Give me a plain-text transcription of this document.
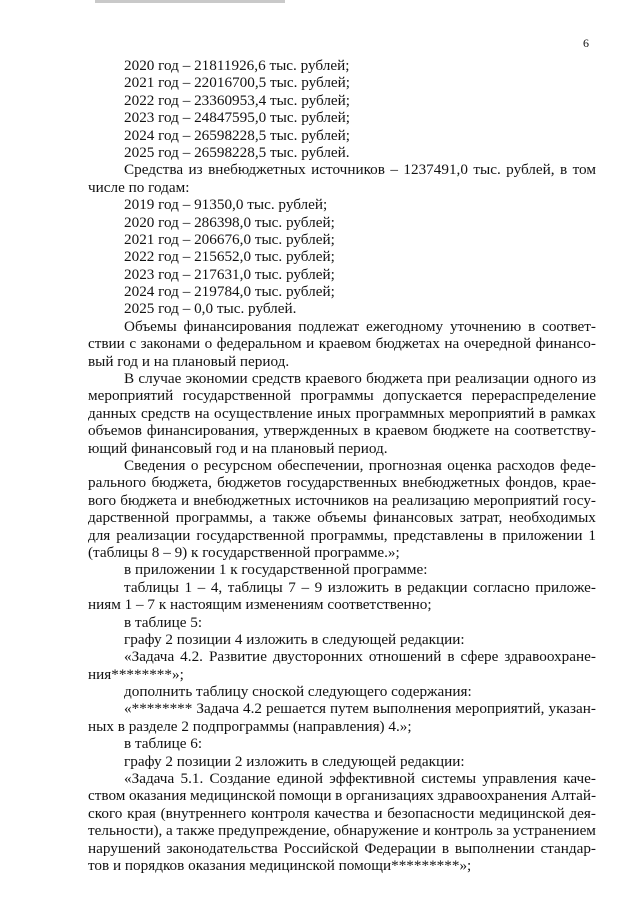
6
2020 год – 21811926,6 тыс. рублей;
2021 год – 22016700,5 тыс. рублей;
2022 год – 23360953,4 тыс. рублей;
2023 год – 24847595,0 тыс. рублей;
2024 год – 26598228,5 тыс. рублей;
2025 год – 26598228,5 тыс. рублей.
Средства из внебюджетных источников – 1237491,0 тыс. рублей, в том
числе по годам:
2019 год – 91350,0 тыс. рублей;
2020 год – 286398,0 тыс. рублей;
2021 год – 206676,0 тыс. рублей;
2022 год – 215652,0 тыс. рублей;
2023 год – 217631,0 тыс. рублей;
2024 год – 219784,0 тыс. рублей;
2025 год – 0,0 тыс. рублей.
Объемы финансирования подлежат ежегодному уточнению в соответ-
ствии с законами о федеральном и краевом бюджетах на очередной финансо-
вый год и на плановый период.
В случае экономии средств краевого бюджета при реализации одного из
мероприятий государственной программы допускается перераспределение
данных средств на осуществление иных программных мероприятий в рамках
объемов финансирования, утвержденных в краевом бюджете на соответству-
ющий финансовый год и на плановый период.
Сведения о ресурсном обеспечении, прогнозная оценка расходов феде-
рального бюджета, бюджетов государственных внебюджетных фондов, крае-
вого бюджета и внебюджетных источников на реализацию мероприятий госу-
дарственной программы, а также объемы финансовых затрат, необходимых
для реализации государственной программы, представлены в приложении 1
(таблицы 8 – 9) к государственной программе.»;
в приложении 1 к государственной программе:
таблицы 1 – 4, таблицы 7 – 9 изложить в редакции согласно приложе-
ниям 1 – 7 к настоящим изменениям соответственно;
в таблице 5:
графу 2 позиции 4 изложить в следующей редакции:
«Задача 4.2. Развитие двусторонних отношений в сфере здравоохране-
ния********»;
дополнить таблицу сноской следующего содержания:
«******** Задача 4.2 решается путем выполнения мероприятий, указан-
ных в разделе 2 подпрограммы (направления) 4.»;
в таблице 6:
графу 2 позиции 2 изложить в следующей редакции:
«Задача 5.1. Создание единой эффективной системы управления каче-
ством оказания медицинской помощи в организациях здравоохранения Алтай-
ского края (внутреннего контроля качества и безопасности медицинской дея-
тельности), а также предупреждение, обнаружение и контроль за устранением
нарушений законодательства Российской Федерации в выполнении стандар-
тов и порядков оказания медицинской помощи*********»;
